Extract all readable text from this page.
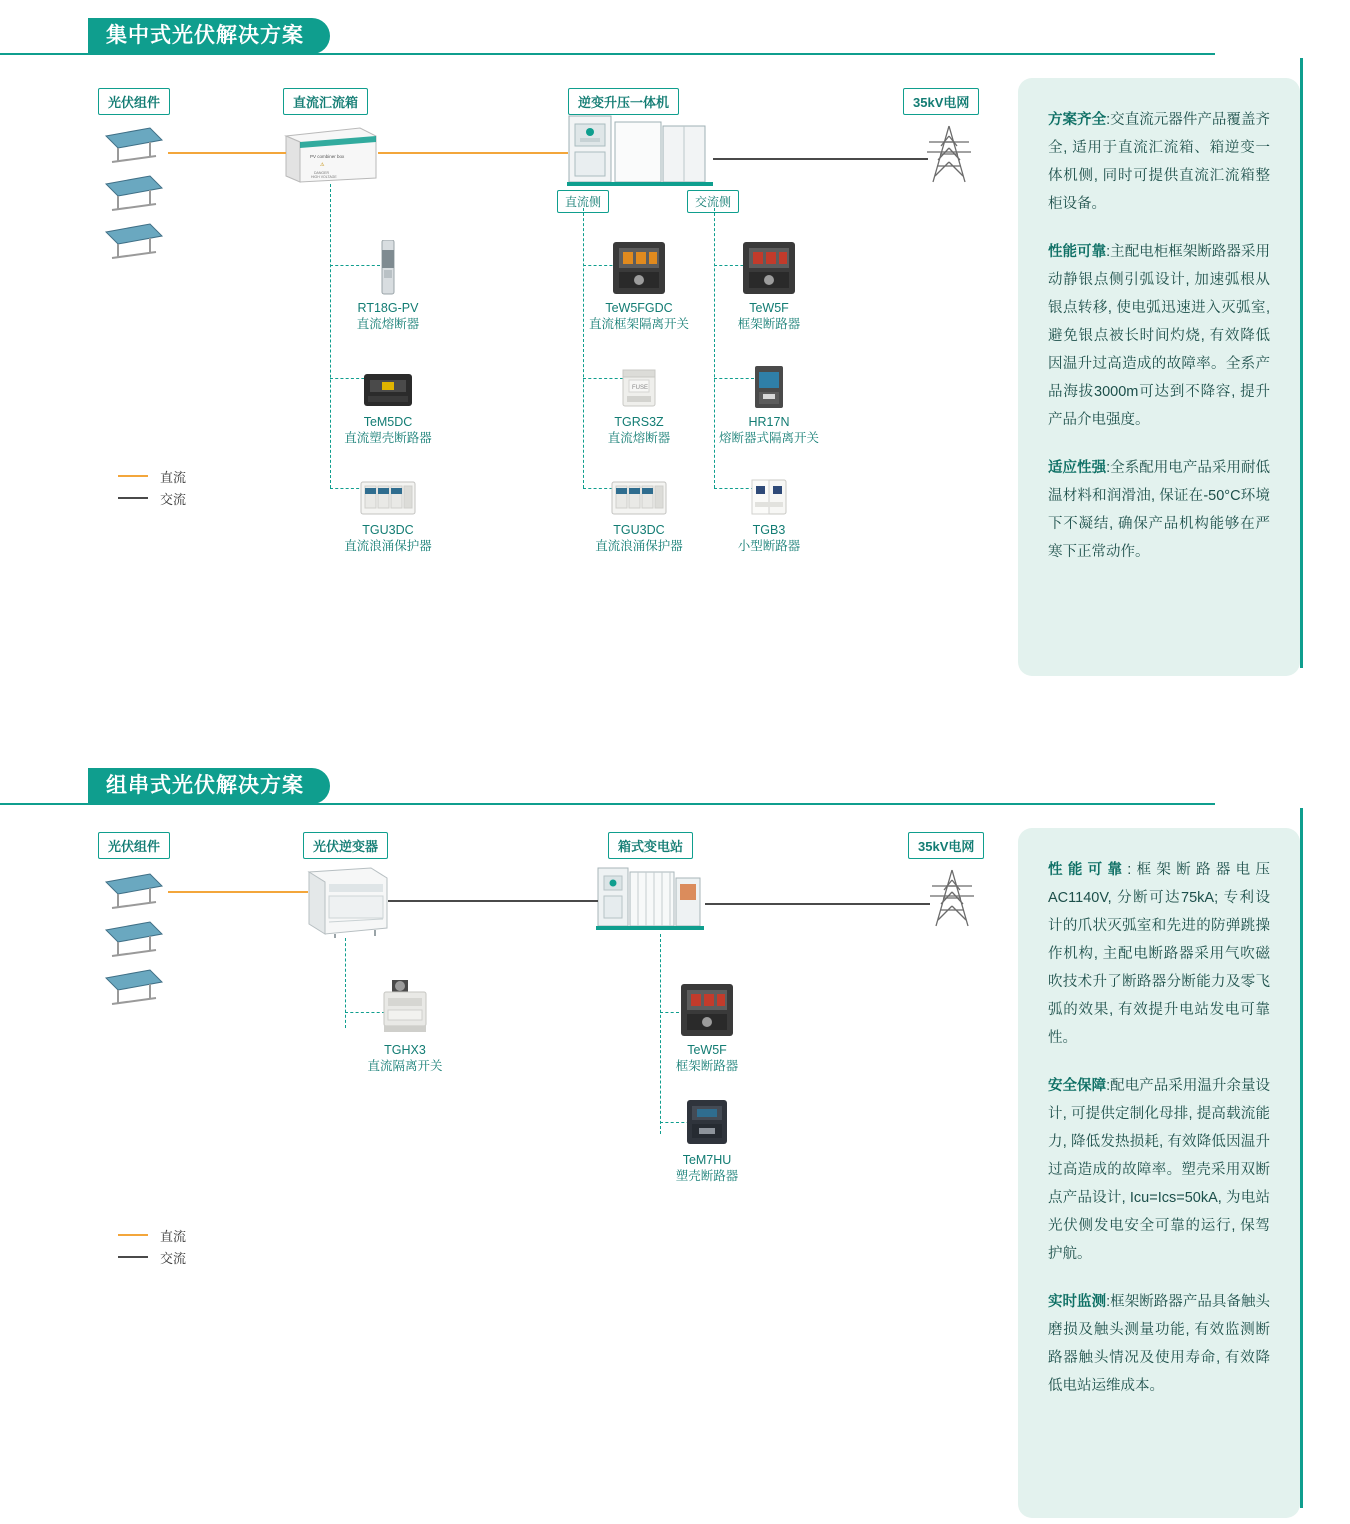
集中式光伏解决方案
光伏组件	直流汇流箱	逆变升压一体机	35kV电网
直流侧	交流侧
PV combiner box
⚠
DANGER
HIGH VOLTAGE
RT18G-PV
直流熔断器
TeM5DC
直流塑壳断路器
TGU3DC
直流浪涌保护器
TeW5FGDC
直流框架隔离开关
FUSE
TGRS3Z
直流熔断器
TGU3DC
直流浪涌保护器
TeW5F
框架断路器
HR17N
熔断器式隔离开关
TGB3
小型断路器
直流
交流

方案齐全:交直流元器件产品覆盖齐全, 适用于直流汇流箱、箱逆变一体机侧, 同时可提供直流汇流箱整柜设备。

性能可靠:主配电柜框架断路器采用动静银点侧引弧设计, 加速弧根从银点转移, 使电弧迅速进入灭弧室, 避免银点被长时间灼烧, 有效降低因温升过高造成的故障率。全系产品海拔3000m可达到不降容, 提升产品介电强度。

适应性强:全系配用电产品采用耐低温材料和润滑油, 保证在-50°C环境下不凝结, 确保产品机构能够在严寒下正常动作。

组串式光伏解决方案
光伏组件	光伏逆变器	箱式变电站	35kV电网
TGHX3
直流隔离开关
TeW5F
框架断路器
TeM7HU
塑壳断路器
直流
交流

性能可靠:框架断路器电压AC1140V, 分断可达75kA; 专利设计的爪状灭弧室和先进的防弹跳操作机构, 主配电断路器采用气吹磁吹技术升了断路器分断能力及零飞弧的效果, 有效提升电站发电可靠性。

安全保障:配电产品采用温升余量设计, 可提供定制化母排, 提高载流能力, 降低发热损耗, 有效降低因温升过高造成的故障率。塑壳采用双断点产品设计, Icu=Ics=50kA, 为电站光伏侧发电安全可靠的运行, 保驾护航。

实时监测:框架断路器产品具备触头磨损及触头测量功能, 有效监测断路器触头情况及使用寿命, 有效降低电站运维成本。
